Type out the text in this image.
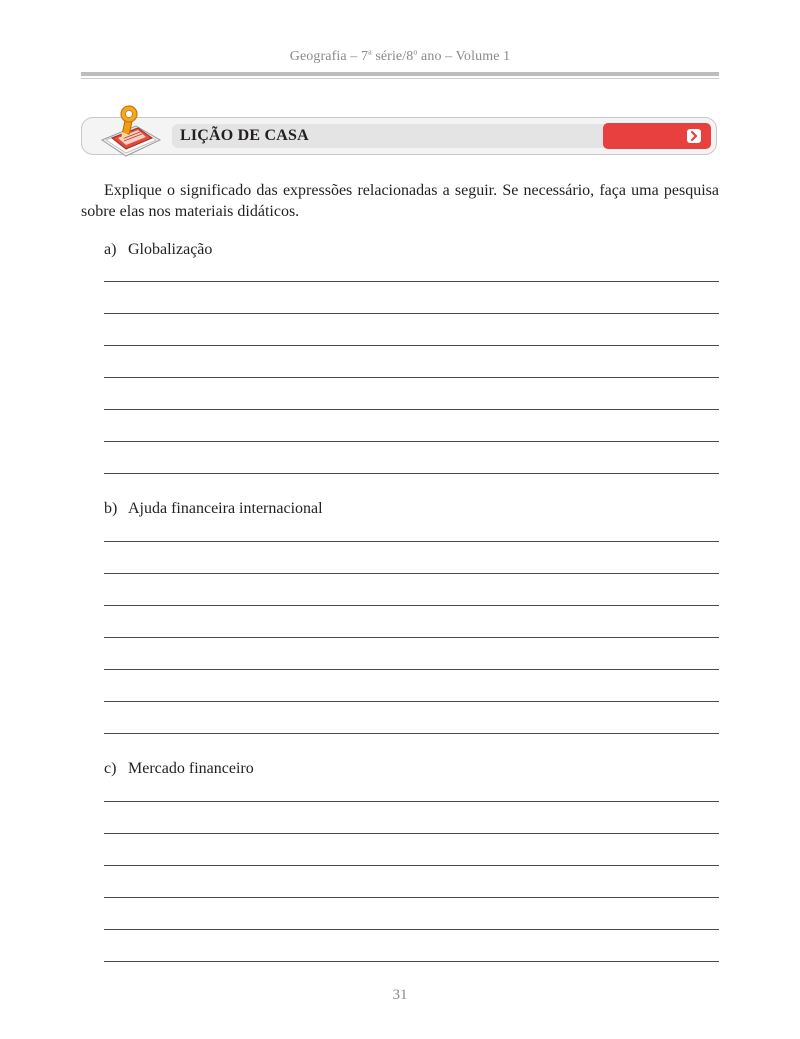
Geografia – 7$^a$ série/8$^o$ ano – Volume 1
LIÇÃO DE CASA
Explique o significado das expressões relacionadas a seguir. Se necessário, faça uma pesquisa sobre elas nos materiais didáticos.
a) Globalização
b) Ajuda financeira internacional
c) Mercado financeiro
31
